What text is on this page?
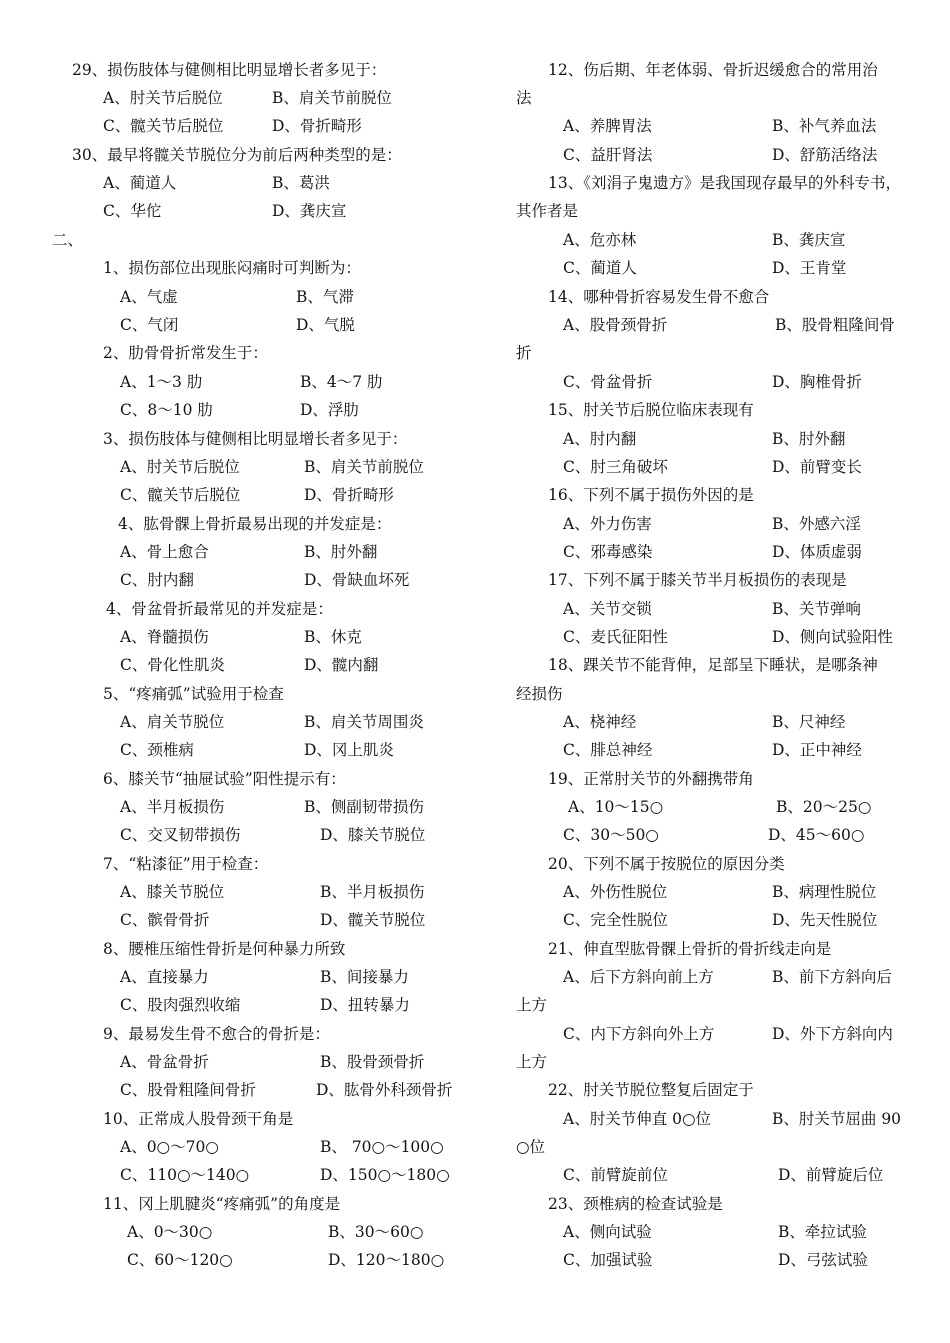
29、损伤肢体与健侧相比明显增长者多见于：
A、肘关节后脱位	B、肩关节前脱位
C、髋关节后脱位	D、骨折畸形
30、最早将髋关节脱位分为前后两种类型的是：
A、蔺道人	B、葛洪
C、华佗	D、龚庆宣
二、
1、损伤部位出现胀闷痛时可判断为：
A、气虚	B、气滞
C、气闭	D、气脱
2、肋骨骨折常发生于：
A、1～3 肋	B、4～7 肋
C、8～10 肋	D、浮肋
3、损伤肢体与健侧相比明显增长者多见于：
A、肘关节后脱位	B、肩关节前脱位
C、髋关节后脱位	D、骨折畸形
4、肱骨髁上骨折最易出现的并发症是：
A、骨上愈合	B、肘外翻
C、肘内翻	D、骨缺血坏死
4、骨盆骨折最常见的并发症是：
A、脊髓损伤	B、休克
C、骨化性肌炎	D、髋内翻
5、“疼痛弧”试验用于检查
A、肩关节脱位	B、肩关节周围炎
C、颈椎病	D、冈上肌炎
6、膝关节“抽屉试验”阳性提示有：
A、半月板损伤	B、侧副韧带损伤
C、交叉韧带损伤	D、膝关节脱位
7、“粘漆征”用于检查：
A、膝关节脱位	B、半月板损伤
C、髌骨骨折	D、髋关节脱位
8、腰椎压缩性骨折是何种暴力所致
A、直接暴力	B、间接暴力
C、股肉强烈收缩	D、扭转暴力
9、最易发生骨不愈合的骨折是：
A、骨盆骨折	B、股骨颈骨折
C、股骨粗隆间骨折	D、肱骨外科颈骨折
10、正常成人股骨颈干角是
A、0○～70○	B、 70○～100○
C、110○～140○	D、150○～180○
11、冈上肌腱炎“疼痛弧”的角度是
A、0～30○	B、30～60○
C、60～120○	D、120～180○
12、伤后期、年老体弱、骨折迟缓愈合的常用治
法
A、养脾胃法	B、补气养血法
C、益肝肾法	D、舒筋活络法
13、《刘涓子鬼遗方》是我国现存最早的外科专书，
其作者是
A、危亦林	B、龚庆宣
C、蔺道人	D、王肯堂
14、哪种骨折容易发生骨不愈合
A、股骨颈骨折	B、股骨粗隆间骨
折
C、骨盆骨折	D、胸椎骨折
15、肘关节后脱位临床表现有
A、肘内翻	B、肘外翻
C、肘三角破坏	D、前臂变长
16、下列不属于损伤外因的是
A、外力伤害	B、外感六淫
C、邪毒感染	D、体质虚弱
17、下列不属于膝关节半月板损伤的表现是
A、关节交锁	B、关节弹响
C、麦氏征阳性	D、侧向试验阳性
18、踝关节不能背伸，足部呈下睡状，是哪条神
经损伤
A、桡神经	B、尺神经
C、腓总神经	D、正中神经
19、正常肘关节的外翻携带角
A、10～15○	B、20～25○
C、30～50○	D、45～60○
20、下列不属于按脱位的原因分类
A、外伤性脱位	B、病理性脱位
C、完全性脱位	D、先天性脱位
21、伸直型肱骨髁上骨折的骨折线走向是
A、后下方斜向前上方	B、前下方斜向后
上方
C、内下方斜向外上方	D、外下方斜向内
上方
22、肘关节脱位整复后固定于
A、肘关节伸直 0○位	B、肘关节屈曲 90
○位
C、前臂旋前位	D、前臂旋后位
23、颈椎病的检查试验是
A、侧向试验	B、牵拉试验
C、加强试验	D、弓弦试验
